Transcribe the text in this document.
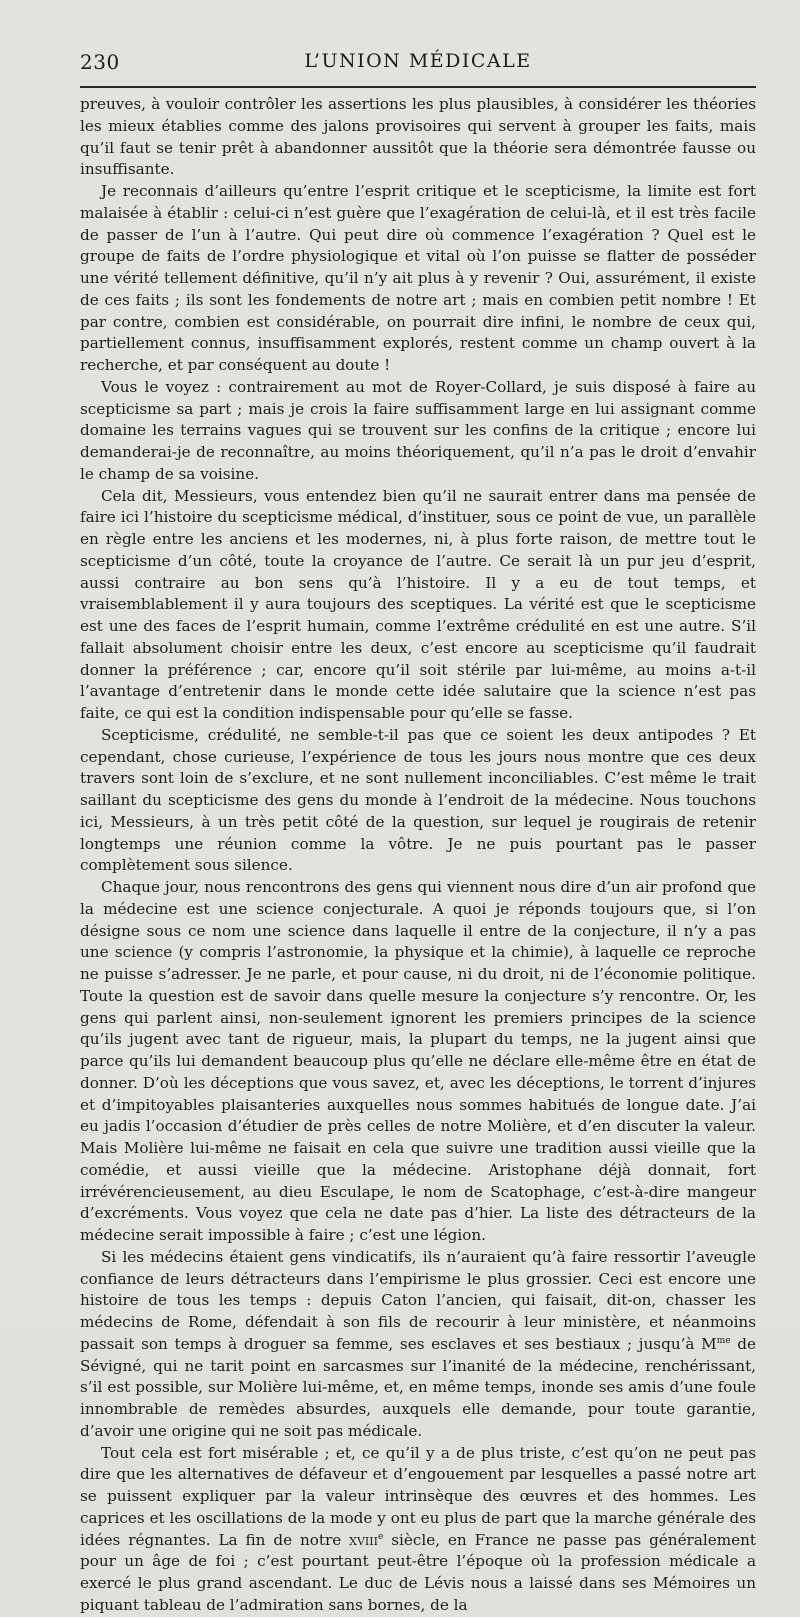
230	L’UNION MÉDICALE

preuves, à vouloir contrôler les assertions les plus plausibles, à considérer les théories les mieux établies comme des jalons provisoires qui servent à grouper les faits, mais qu’il faut se tenir prêt à abandonner aussitôt que la théorie sera démontrée fausse ou insuffisante.

Je reconnais d’ailleurs qu’entre l’esprit critique et le scepticisme, la limite est fort malaisée à établir : celui-ci n’est guère que l’exagération de celui-là, et il est très facile de passer de l’un à l’autre. Qui peut dire où commence l’exagération ? Quel est le groupe de faits de l’ordre physiologique et vital où l’on puisse se flatter de posséder une vérité tellement définitive, qu’il n’y ait plus à y revenir ? Oui, assurément, il existe de ces faits ; ils sont les fondements de notre art ; mais en combien petit nombre ! Et par contre, combien est considérable, on pourrait dire infini, le nombre de ceux qui, partiellement connus, insuffisamment explorés, restent comme un champ ouvert à la recherche, et par conséquent au doute !

Vous le voyez : contrairement au mot de Royer-Collard, je suis disposé à faire au scepticisme sa part ; mais je crois la faire suffisamment large en lui assignant comme domaine les terrains vagues qui se trouvent sur les confins de la critique ; encore lui demanderai-je de reconnaître, au moins théoriquement, qu’il n’a pas le droit d’envahir le champ de sa voisine.

Cela dit, Messieurs, vous entendez bien qu’il ne saurait entrer dans ma pensée de faire ici l’histoire du scepticisme médical, d’instituer, sous ce point de vue, un parallèle en règle entre les anciens et les modernes, ni, à plus forte raison, de mettre tout le scepticisme d’un côté, toute la croyance de l’autre. Ce serait là un pur jeu d’esprit, aussi contraire au bon sens qu’à l’histoire. Il y a eu de tout temps, et vraisemblablement il y aura toujours des sceptiques. La vérité est que le scepticisme est une des faces de l’esprit humain, comme l’extrême crédulité en est une autre. S’il fallait absolument choisir entre les deux, c’est encore au scepticisme qu’il faudrait donner la préférence ; car, encore qu’il soit stérile par lui-même, au moins a-t-il l’avantage d’entretenir dans le monde cette idée salutaire que la science n’est pas faite, ce qui est la condition indispensable pour qu’elle se fasse.

Scepticisme, crédulité, ne semble-t-il pas que ce soient les deux antipodes ? Et cependant, chose curieuse, l’expérience de tous les jours nous montre que ces deux travers sont loin de s’exclure, et ne sont nullement inconciliables. C’est même le trait saillant du scepticisme des gens du monde à l’endroit de la médecine. Nous touchons ici, Messieurs, à un très petit côté de la question, sur lequel je rougirais de retenir longtemps une réunion comme la vôtre. Je ne puis pourtant pas le passer complètement sous silence.

Chaque jour, nous rencontrons des gens qui viennent nous dire d’un air profond que la médecine est une science conjecturale. A quoi je réponds toujours que, si l’on désigne sous ce nom une science dans laquelle il entre de la conjecture, il n’y a pas une science (y compris l’astronomie, la physique et la chimie), à laquelle ce reproche ne puisse s’adresser. Je ne parle, et pour cause, ni du droit, ni de l’économie politique. Toute la question est de savoir dans quelle mesure la conjecture s’y rencontre. Or, les gens qui parlent ainsi, non-seulement ignorent les premiers principes de la science qu’ils jugent avec tant de rigueur, mais, la plupart du temps, ne la jugent ainsi que parce qu’ils lui demandent beaucoup plus qu’elle ne déclare elle-même être en état de donner. D’où les déceptions que vous savez, et, avec les déceptions, le torrent d’injures et d’impitoyables plaisanteries auxquelles nous sommes habitués de longue date. J’ai eu jadis l’occasion d’étudier de près celles de notre Molière, et d’en discuter la valeur. Mais Molière lui-même ne faisait en cela que suivre une tradition aussi vieille que la comédie, et aussi vieille que la médecine. Aristophane déjà donnait, fort irrévérencieusement, au dieu Esculape, le nom de Scatophage, c’est-à-dire mangeur d’excréments. Vous voyez que cela ne date pas d’hier. La liste des détracteurs de la médecine serait impossible à faire ; c’est une légion.

Si les médecins étaient gens vindicatifs, ils n’auraient qu’à faire ressortir l’aveugle confiance de leurs détracteurs dans l’empirisme le plus grossier. Ceci est encore une histoire de tous les temps : depuis Caton l’ancien, qui faisait, dit-on, chasser les médecins de Rome, défendait à son fils de recourir à leur ministère, et néanmoins passait son temps à droguer sa femme, ses esclaves et ses bestiaux ; jusqu’à $M^{me}$ de Sévigné, qui ne tarit point en sarcasmes sur l’inanité de la médecine, renchérissant, s’il est possible, sur Molière lui-même, et, en même temps, inonde ses amis d’une foule innombrable de remèdes absurdes, auxquels elle demande, pour toute garantie, d’avoir une origine qui ne soit pas médicale.

Tout cela est fort misérable ; et, ce qu’il y a de plus triste, c’est qu’on ne peut pas dire que les alternatives de défaveur et d’engouement par lesquelles a passé notre art se puissent expliquer par la valeur intrinsèque des œuvres et des hommes. Les caprices et les oscillations de la mode y ont eu plus de part que la marche générale des idées régnantes. La fin de notre xviii$^e$ siècle, en France ne passe pas généralement pour un âge de foi ; c’est pourtant peut-être l’époque où la profession médicale a exercé le plus grand ascendant. Le duc de Lévis nous a laissé dans ses Mémoires un piquant tableau de l’admiration sans bornes, de la
